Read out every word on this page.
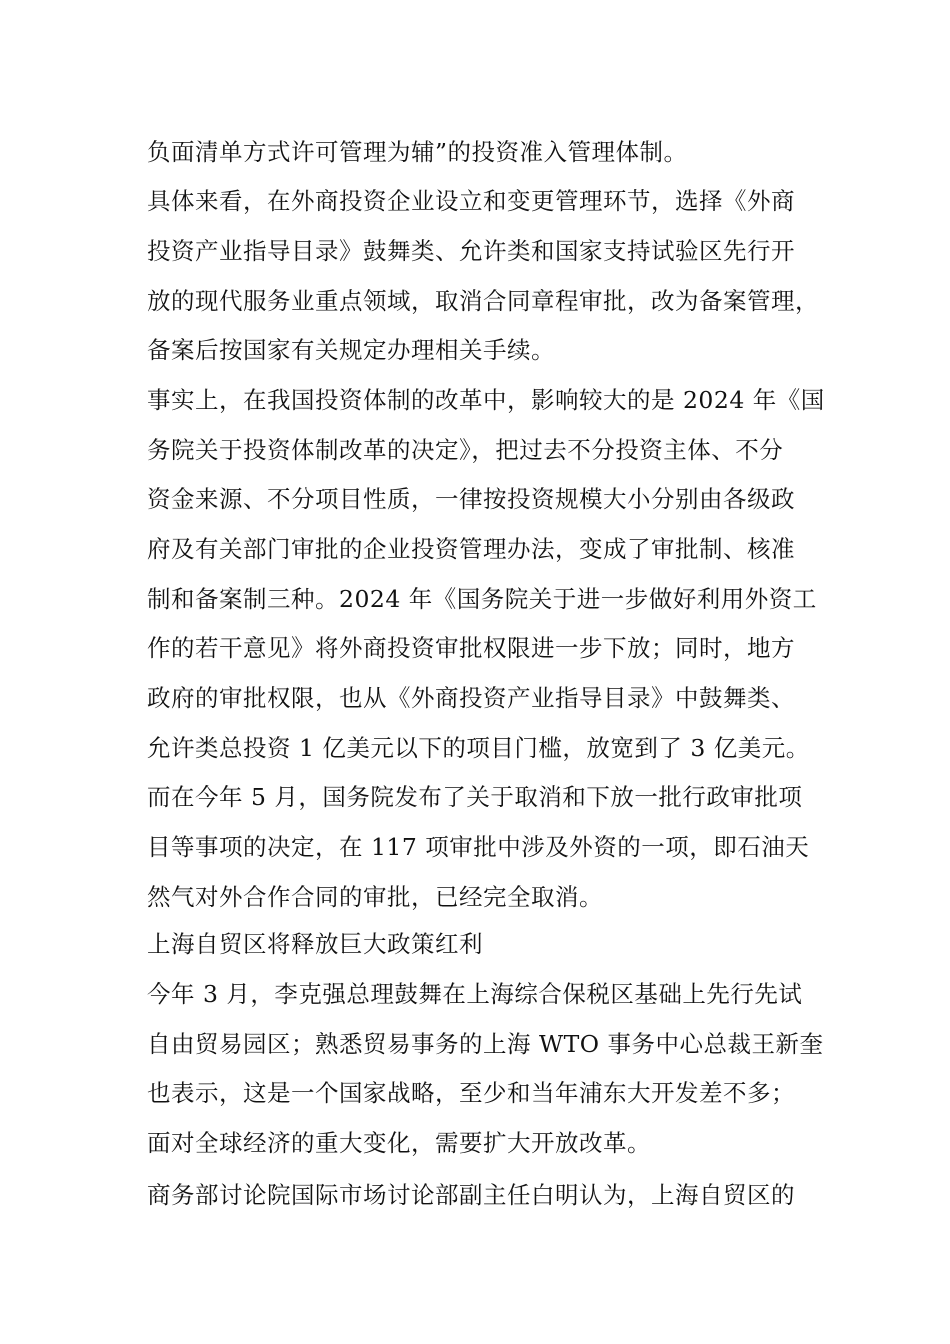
负面清单方式许可管理为辅”的投资准入管理体制。
具体来看，在外商投资企业设立和变更管理环节，选择《外商
投资产业指导目录》鼓舞类、允许类和国家支持试验区先行开
放的现代服务业重点领域，取消合同章程审批，改为备案管理，
备案后按国家有关规定办理相关手续。
事实上，在我国投资体制的改革中，影响较大的是 2024 年《国
务院关于投资体制改革的决定》，把过去不分投资主体、不分
资金来源、不分项目性质，一律按投资规模大小分别由各级政
府及有关部门审批的企业投资管理办法，变成了审批制、核准
制和备案制三种。2024 年《国务院关于进一步做好利用外资工
作的若干意见》将外商投资审批权限进一步下放；同时，地方
政府的审批权限，也从《外商投资产业指导目录》中鼓舞类、
允许类总投资 1 亿美元以下的项目门槛，放宽到了 3 亿美元。
而在今年 5 月，国务院发布了关于取消和下放一批行政审批项
目等事项的决定，在 117 项审批中涉及外资的一项，即石油天
然气对外合作合同的审批，已经完全取消。
上海自贸区将释放巨大政策红利
今年 3 月，李克强总理鼓舞在上海综合保税区基础上先行先试
自由贸易园区；熟悉贸易事务的上海 WTO 事务中心总裁王新奎
也表示，这是一个国家战略，至少和当年浦东大开发差不多；
面对全球经济的重大变化，需要扩大开放改革。
商务部讨论院国际市场讨论部副主任白明认为，上海自贸区的
